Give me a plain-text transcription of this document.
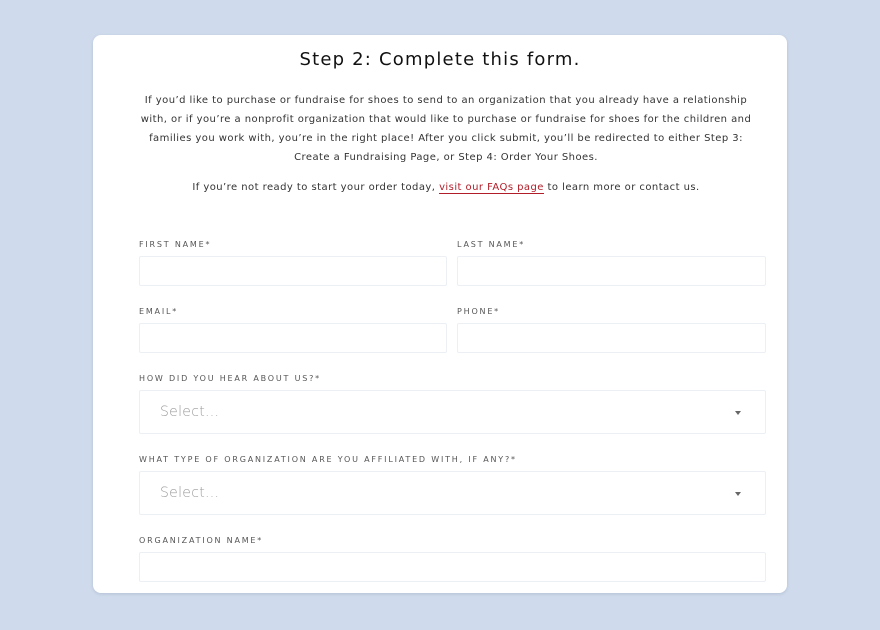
Step 2: Complete this form.

If you’d like to purchase or fundraise for shoes to send to an organization that you already have a relationship with, or if you’re a nonprofit organization that would like to purchase or fundraise for shoes for the children and families you work with, you’re in the right place! After you click submit, you’ll be redirected to either Step 3: Create a Fundraising Page, or Step 4: Order Your Shoes.

If you’re not ready to start your order today, visit our FAQs page to learn more or contact us.

FIRST NAME*	LAST NAME*
EMAIL*	PHONE*
HOW DID YOU HEAR ABOUT US?*
Select...
WHAT TYPE OF ORGANIZATION ARE YOU AFFILIATED WITH, IF ANY?*
Select...
ORGANIZATION NAME*
